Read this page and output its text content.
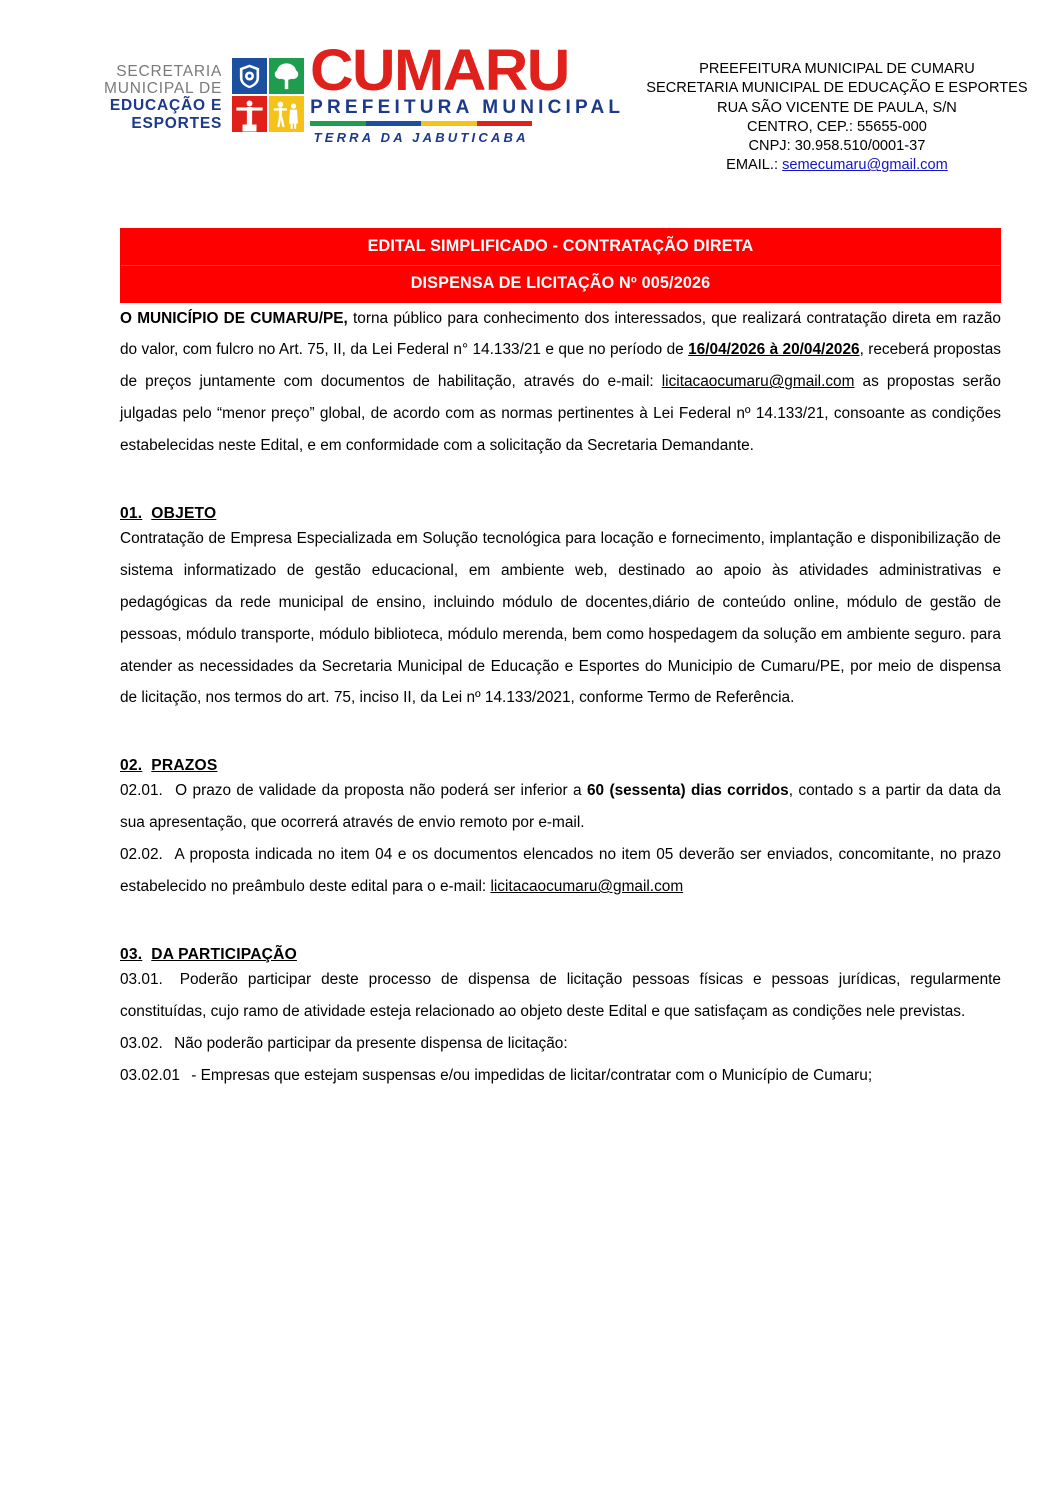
SECRETARIA
MUNICIPAL DE
EDUCAÇÃO E
ESPORTES
CUMARU
PREFEITURA MUNICIPAL
TERRA DA JABUTICABA
PREEFEITURA MUNICIPAL DE CUMARU
SECRETARIA MUNICIPAL DE EDUCAÇÃO E ESPORTES
RUA SÃO VICENTE DE PAULA, S/N
CENTRO, CEP.: 55655-000
CNPJ: 30.958.510/0001-37
EMAIL.: semecumaru@gmail.com
EDITAL SIMPLIFICADO - CONTRATAÇÃO DIRETA
DISPENSA DE LICITAÇÃO Nº 005/2026

O MUNICÍPIO DE CUMARU/PE, torna público para conhecimento dos interessados, que realizará contratação direta em razão do valor, com fulcro no Art. 75, II, da Lei Federal n° 14.133/21 e que no período de 16/04/2026 à 20/04/2026, receberá propostas de preços juntamente com documentos de habilitação, através do e-mail: licitacaocumaru@gmail.com as propostas serão julgadas pelo “menor preço” global, de acordo com as normas pertinentes à Lei Federal nº 14.133/21, consoante as condições estabelecidas neste Edital, e em conformidade com a solicitação da Secretaria Demandante.

01. OBJETO

Contratação de Empresa Especializada em Solução tecnológica para locação e fornecimento, implantação e disponibilização de sistema informatizado de gestão educacional, em ambiente web, destinado ao apoio às atividades administrativas e pedagógicas da rede municipal de ensino, incluindo módulo de docentes,diário de conteúdo online, módulo de gestão de pessoas, módulo transporte, módulo biblioteca, módulo merenda, bem como hospedagem da solução em ambiente seguro. para atender as necessidades da Secretaria Municipal de Educação e Esportes do Municipio de Cumaru/PE, por meio de dispensa de licitação, nos termos do art. 75, inciso II, da Lei nº 14.133/2021, conforme Termo de Referência.

02. PRAZOS

02.01. O prazo de validade da proposta não poderá ser inferior a 60 (sessenta) dias corridos, contado s a partir da data da sua apresentação, que ocorrerá através de envio remoto por e-mail.

02.02. A proposta indicada no item 04 e os documentos elencados no item 05 deverão ser enviados, concomitante, no prazo estabelecido no preâmbulo deste edital para o e-mail: licitacaocumaru@gmail.com

03. DA PARTICIPAÇÃO

03.01. Poderão participar deste processo de dispensa de licitação pessoas físicas e pessoas jurídicas, regularmente constituídas, cujo ramo de atividade esteja relacionado ao objeto deste Edital e que satisfaçam as condições nele previstas.

03.02. Não poderão participar da presente dispensa de licitação:

03.02.01 - Empresas que estejam suspensas e/ou impedidas de licitar/contratar com o Município de Cumaru;
